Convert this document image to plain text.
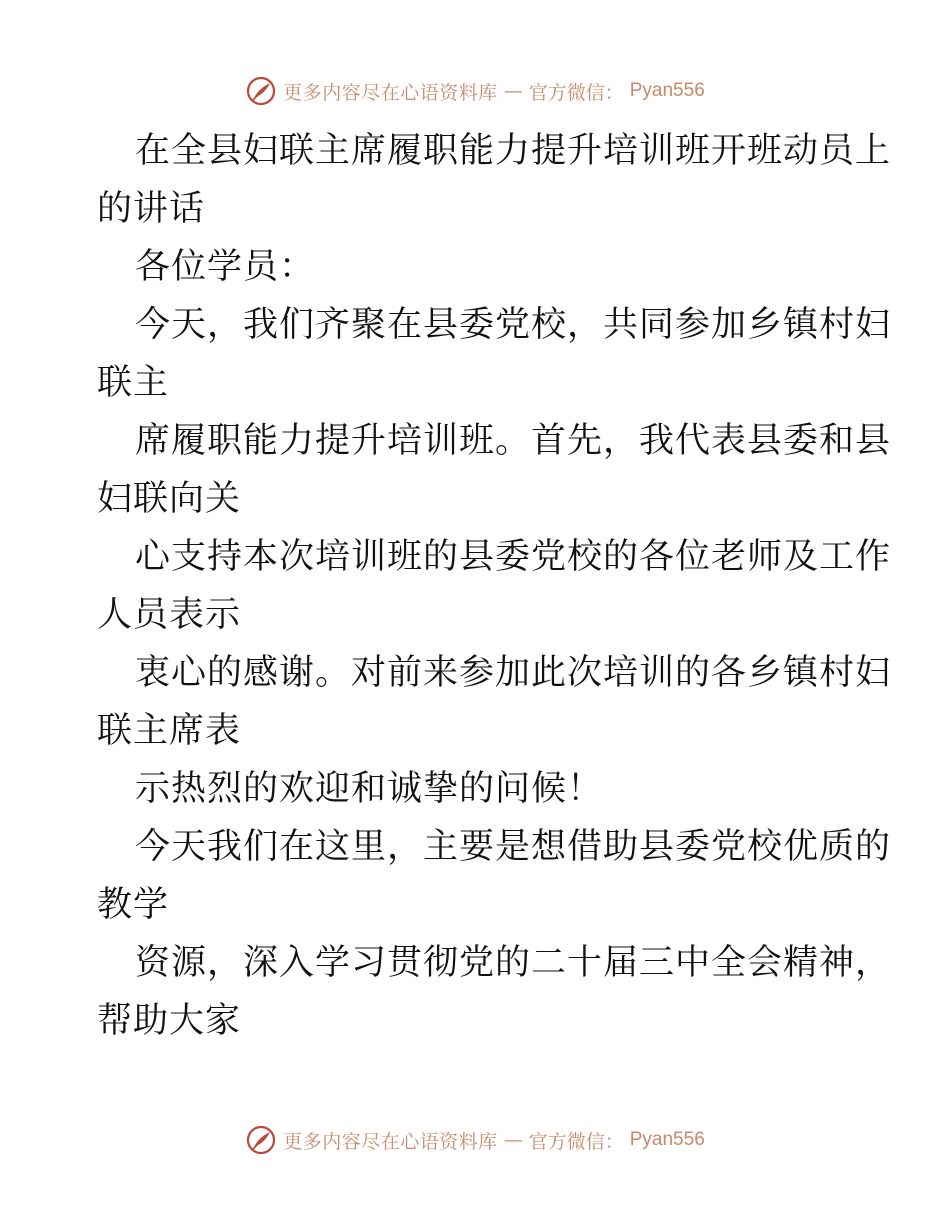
更多内容尽在心语资料库 — 官方微信： Pyan556
在全县妇联主席履职能力提升培训班开班动员上
的讲话
各位学员：
今天，我们齐聚在县委党校，共同参加乡镇村妇
联主
席履职能力提升培训班。首先，我代表县委和县
妇联向关
心支持本次培训班的县委党校的各位老师及工作
人员表示
衷心的感谢。对前来参加此次培训的各乡镇村妇
联主席表
示热烈的欢迎和诚挚的问候！
今天我们在这里，主要是想借助县委党校优质的
教学
资源，深入学习贯彻党的二十届三中全会精神，
帮助大家
更多内容尽在心语资料库 — 官方微信： Pyan556
